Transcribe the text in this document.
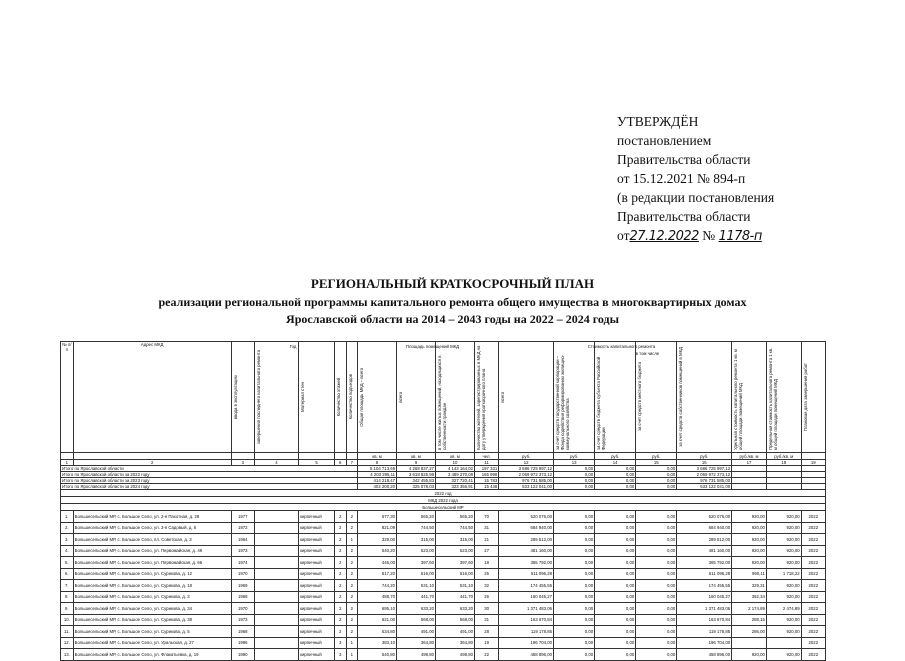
УТВЕРЖДЁН
постановлением
Правительства области
от 15.12.2021 № 894-п
(в редакции постановления
Правительства области
от27.12.2022 № 1178-п
РЕГИОНАЛЬНЫЙ КРАТКОСРОЧНЫЙ ПЛАН
реализации региональной программы капитального ремонта общего имущества в многоквартирных домах
Ярославской области на 2014 – 2043 годы на 2022 – 2024 годы
№ п/п	Адрес МКД	ввода в эксплуатацию	завершения последнего капитального ремонта	Материал стен	Количество этажей	Количество подъездов	Общая площадь МКД – всего	всего	в том числе жилых помещений, находящихся в собственности граждан	Количество жителей, зарегистрированных в МКД на дату утверждения краткосрочного плана	всего	за счет средств государственной корпорации – Фонда содействия реформированию жилищно-коммунального хозяйства	за счет средств бюджета субъекта Российской Федерации	за счет средств местного бюджета	за счет средств собственников помещений в МКД	Удельная стоимость капитального ремонта 1 кв. м общей площади помещений МКД	Предельная стоимость капитального ремонта 1 кв. м общей площади помещений МКД	Плановая дата завершения работ

							кв. м	кв. м	кв. м	чел.	руб.	руб.	руб.	руб.	руб.	руб./кв. м	руб./кв. м	
1	2	3	4	5	6	7	8	9	10	11	12	13	14	15	16	17	18	19
Итого по Ярославской области							5 104 713,69	4 268 837,27	4 143 164,02	197 331	3 686 725 997,12	0,00	0,00	0,00	3 686 725 997,12			
Итого по Ярославской области за 2022 году							4 203 295,11	3 618 925,98	3 489 270,08	165 998	2 069 972 373,12	0,00	0,00	0,00	2 069 972 373,12			
Итого по Ярославской области за 2023 году							414 218,47	342 455,83	327 720,41	15 783	976 731 585,00	0,00	0,00	0,00	976 731 585,00			
Итого по Ярославской области за 2024 году							402 200,20	325 578,03	323 356,91	15 438	533 122 041,00	0,00	0,00	0,00	533 122 041,00			
2022 год																		
МКД 2022 года																		
Большесельский МР																		
1.	Большесельский МР, с. Большое Село, ул. 2-я Пахотная, д. 28	1977		кирпичный	2	2	677,30	565,20	565,20	70	520 076,00	0,00	0,00	0,00	520 076,00	920,00	920,00	2022
2.	Большесельский МР, с. Большое Село, ул. 3-я Садовый, д. 6	1972		кирпичный	2	2	821,09	744,50	744,50	31	684 940,00	0,00	0,00	0,00	684 940,00	920,00	920,00	2022
3.	Большесельский МР, с. Большое Село, пл. Советская, д. 3	1964		кирпичный	2	1	329,00	315,00	315,00	21	289 512,00	0,00	0,00	0,00	289 512,00	920,00	920,00	2022
4.	Большесельский МР, с. Большое Село, ул. Первомайская, д. 49	1973		кирпичный	2	2	540,20	523,00	523,00	27	481 160,00	0,00	0,00	0,00	481 160,00	920,00	920,00	2022
5.	Большесельский МР, с. Большое Село, ул. Первомайская, д. 66	1974		кирпичный	2	2	446,00	397,60	397,60	18	365 792,00	0,00	0,00	0,00	365 792,00	920,00	920,00	2022
6.	Большесельский МР, с. Большое Село, ул. Сурикова, д. 12	1970		кирпичный	2	2	517,20	516,00	516,00	25	511 096,28	0,00	0,00	0,00	511 096,28	990,11	1 718,22	2022
7.	Большесельский МР, с. Большое Село, ул. Сурикова, д. 18	1969		кирпичный	2	2	744,20	531,10	531,10	32	174 455,55	0,00	0,00	0,00	174 455,55	329,31	920,00	2022
8.	Большесельский МР, с. Большое Село, ул. Сурикова, д. 3	1968		кирпичный	2	2	488,70	441,70	441,70	26	160 045,27	0,00	0,00	0,00	160 045,27	362,34	920,00	2022
9.	Большесельский МР, с. Большое Село, ул. Сурикова, д. 34	1970		кирпичный	2	2	695,10	633,20	633,20	30	1 371 483,06	0,00	0,00	0,00	1 371 483,06	2 174,89	2 474,89	2022
10.	Большесельский МР, с. Большое Село, ул. Сурикова, д. 38	1973		кирпичный	2	2	621,00	568,00	568,00	31	163 670,84	0,00	0,00	0,00	163 670,84	288,15	920,00	2022
11.	Большесельский МР, с. Большое Село, ул. Сурикова, д. 5	1968		кирпичный	2	2	534,80	491,00	491,00	28	119 178,85	0,00	0,00	0,00	119 178,85	286,00	920,00	2022
12.	Большесельский МР, с. Большое Село, ул. Уральская, д. 27	1996		кирпичный	3	1	383,10	364,80	364,80	19	196 704,00	0,00	0,00	0,00	196 704,00			2022
13.	Большесельский МР, с. Большое Село, ул. Флакатьевка, д. 19	1990		кирпичный	3	1	540,80	498,80	498,80	22	458 896,00	0,00	0,00	0,00	458 896,00	920,00	920,00	2022
Год	Площадь помещений МКД	Стоимость капитального ремонта
в том числе
